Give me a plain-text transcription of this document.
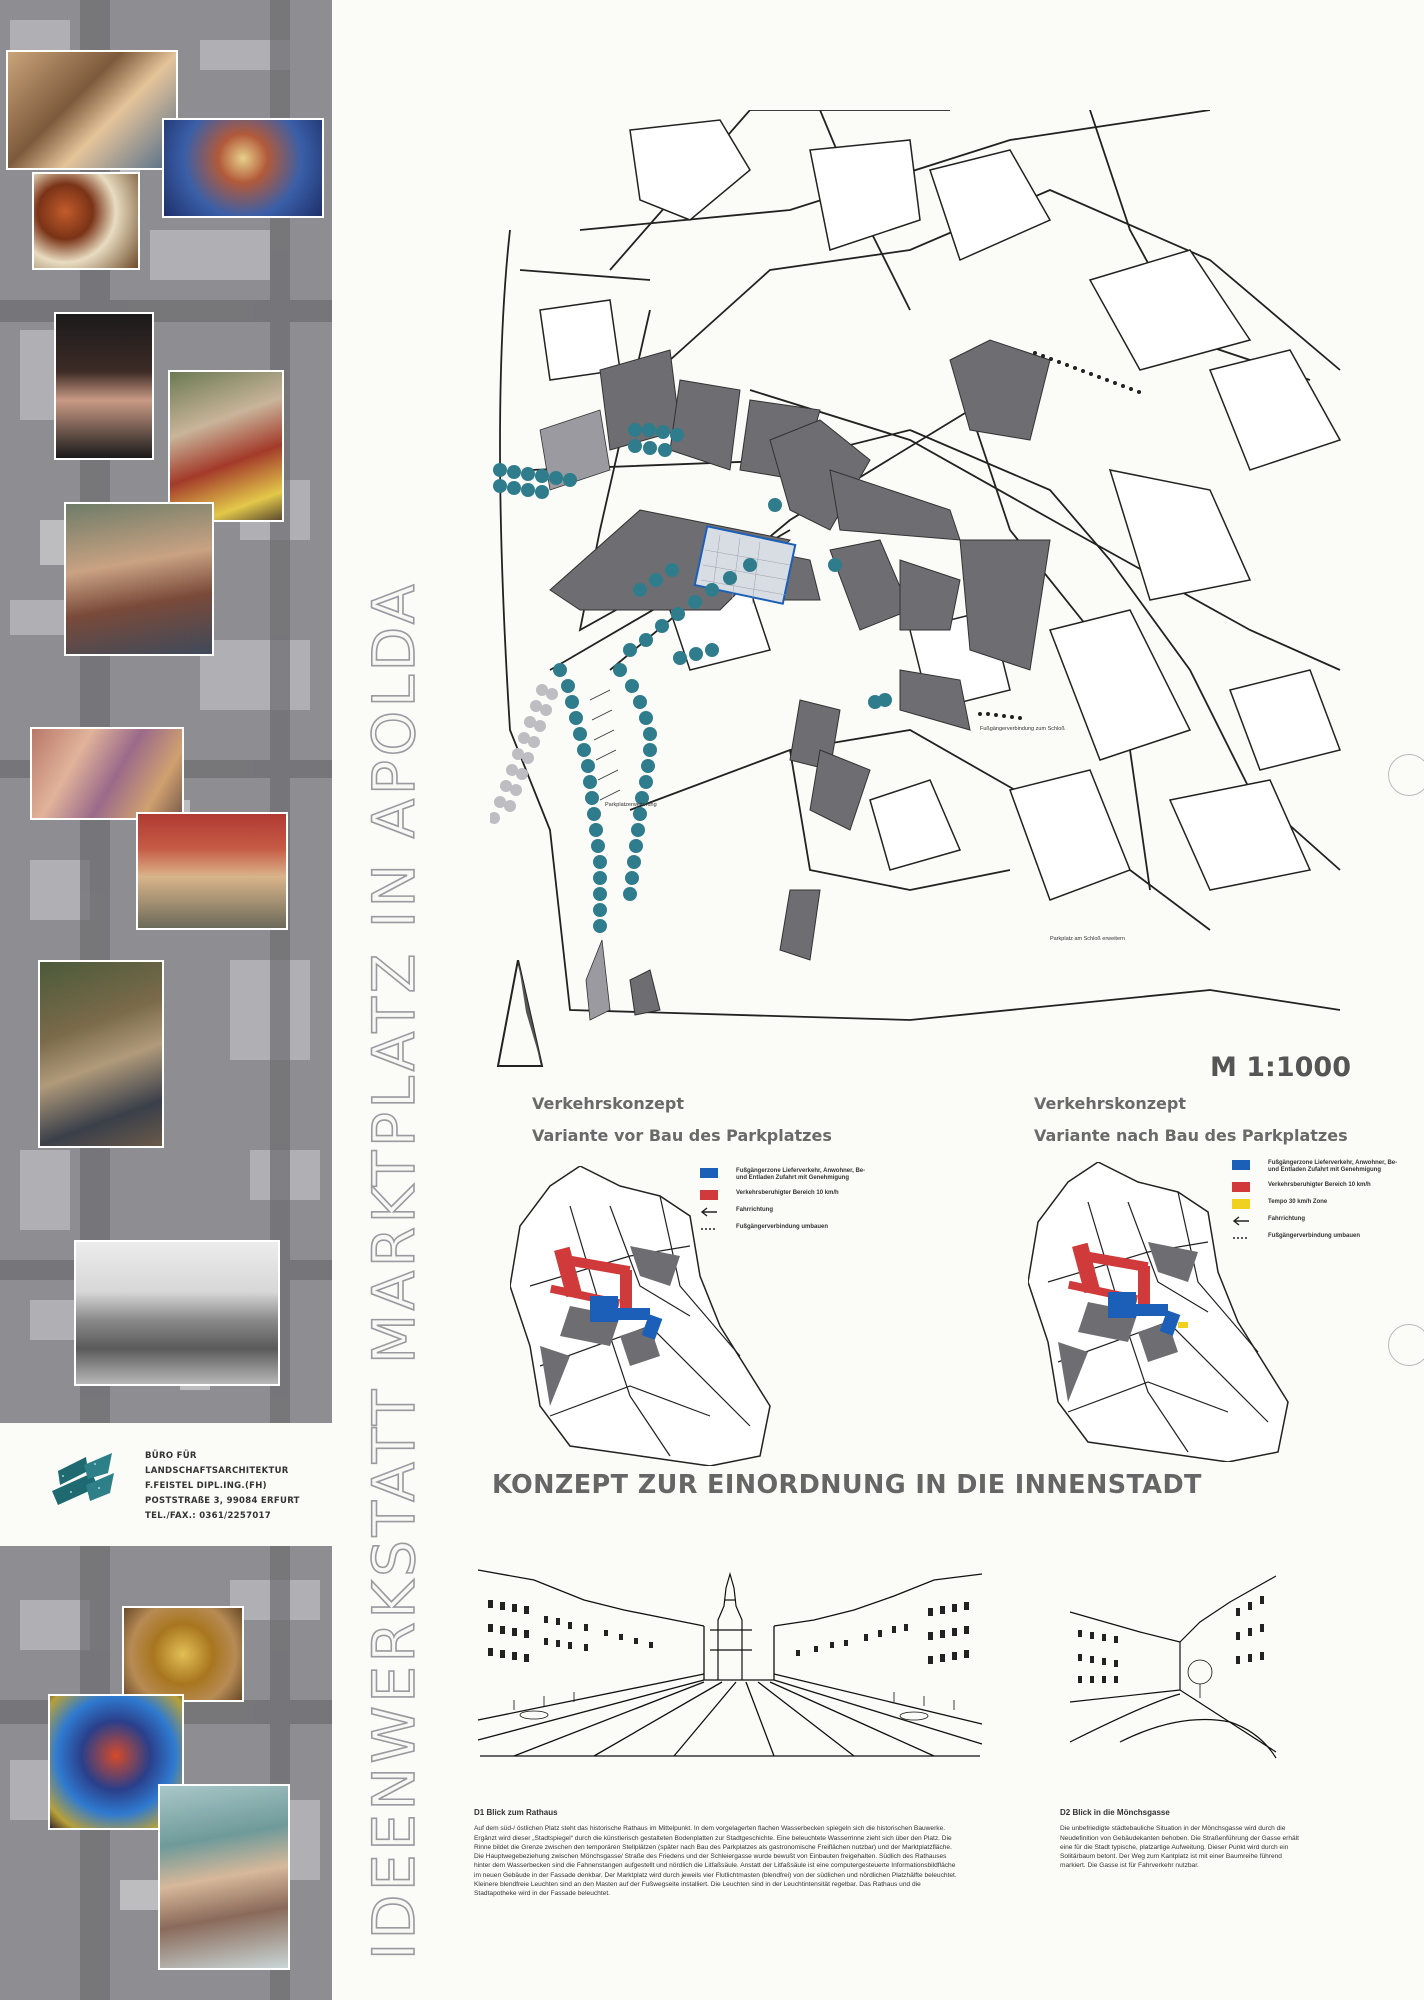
BÜRO FÜR LANDSCHAFTSARCHITEKTUR
F.FEISTEL DIPL.ING.(FH)
POSTSTRAßE 3, 99084 ERFURT
TEL./FAX.: 0361/2257017	IDEENWERKSTATT MARKTPLATZ IN APOLDA	Parkplatzerweiterung
Fußgängerverbindung zum Schloß
Parkplatz am Schloß erweitern
M 1:1000
Verkehrskonzept
Variante vor Bau des Parkplatzes
Fußgängerzone Lieferverkehr, Anwohner, Be-und Entladen Zufahrt mit Genehmigung
Verkehrsberuhigter Bereich 10 km/h
Fahrrichtung
Fußgängerverbindung umbauen
Verkehrskonzept
Variante nach Bau des Parkplatzes
Fußgängerzone Lieferverkehr, Anwohner, Be-und Entladen Zufahrt mit Genehmigung
Verkehrsberuhigter Bereich 10 km/h
Tempo 30 km/h Zone
Fahrrichtung
Fußgängerverbindung umbauen
KONZEPT ZUR EINORDNUNG IN DIE INNENSTADT
D1 Blick zum Rathaus

Auf dem süd-/ östlichen Platz steht das historische Rathaus im Mittelpunkt. In dem vorgelagerten flachen Wasserbecken spiegeln sich die historischen Bauwerke. Ergänzt wird dieser „Stadtspiegel“ durch die künstlerisch gestalteten Bodenplatten zur Stadtgeschichte. Eine beleuchtete Wasserrinne zieht sich über den Platz. Die Rinne bildet die Grenze zwischen den temporären Stellplätzen (später nach Bau des Parkplatzes als gastronomische Freiflächen nutzbar) und der Marktplatzfläche. Die Hauptwegebeziehung zwischen Mönchsgasse/ Straße des Friedens und der Schleiergasse wurde bewußt von Einbauten freigehalten. Südlich des Rathauses hinter dem Wasserbecken sind die Fahnenstangen aufgestellt und nördlich die Litfaßsäule. Anstatt der Litfaßsäule ist eine computergesteuerte Informationsbildfläche im neuen Gebäude in der Fassade denkbar. Der Marktplatz wird durch jeweils vier Flutlichtmasten (blendfrei) von der südlichen und nördlichen Platzhälfte beleuchtet. Kleinere blendfreie Leuchten sind an den Masten auf der Fußwegseite installiert. Die Leuchten sind in der Leuchtintensität regelbar. Das Rathaus und die Stadtapotheke wird in der Fassade beleuchtet.

D2 Blick in die Mönchsgasse

Die unbefriedigte städtebauliche Situation in der Mönchsgasse wird durch die Neudefinition von Gebäudekanten behoben. Die Straßenführung der Gasse erhält eine für die Stadt typische, platzartige Aufweitung. Dieser Punkt wird durch ein Solitärbaum betont. Der Weg zum Kantplatz ist mit einer Baumreihe führend markiert. Die Gasse ist für Fahrverkehr nutzbar.
